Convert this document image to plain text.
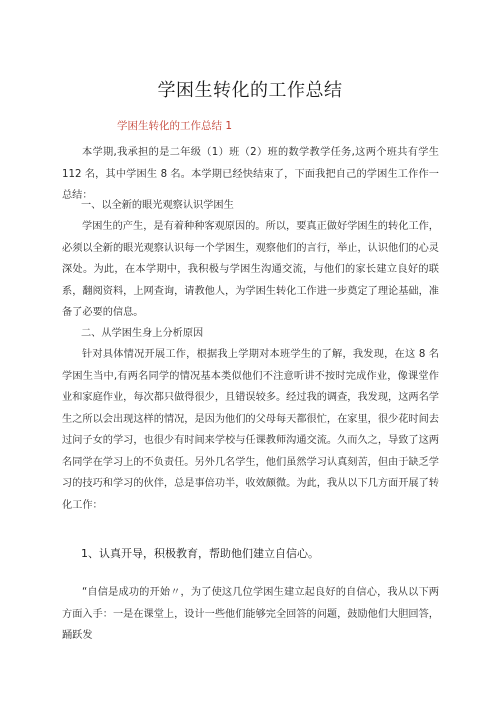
学困生转化的工作总结
学困生转化的工作总结 1
本学期,我承担的是二年级（1）班（2）班的数学教学任务,这两个班共有学生 112 名，其中学困生 8 名。本学期已经快结束了，下面我把自己的学困生工作作一总结：
一、以全新的眼光观察认识学困生
学困生的产生，是有着种种客观原因的。所以，要真正做好学困生的转化工作，必须以全新的眼光观察认识每一个学困生，观察他们的言行，举止，认识他们的心灵深处。为此，在本学期中，我积极与学困生沟通交流，与他们的家长建立良好的联系，翻阅资料，上网查询，请教他人，为学困生转化工作进一步奠定了理论基础，准备了必要的信息。
二、从学困生身上分析原因
针对具体情况开展工作，根据我上学期对本班学生的了解，我发现，在这 8 名学困生当中,有两名同学的情况基本类似他们不注意听讲不按时完成作业，像课堂作业和家庭作业，每次都只做得很少，且错误较多。经过我的调查，我发现，这两名学生之所以会出现这样的情况，是因为他们的父母每天都很忙，在家里，很少花时间去过问子女的学习，也很少有时间来学校与任课教师沟通交流。久而久之，导致了这两名同学在学习上的不负责任。另外几名学生，他们虽然学习认真刻苦，但由于缺乏学习的技巧和学习的伙伴，总是事倍功半，收效颇微。为此，我从以下几方面开展了转化工作：
1、认真开导，积极教育，帮助他们建立自信心。
“自信是成功的开始〃，为了使这几位学困生建立起良好的自信心，我从以下两方面入手：一是在课堂上，设计一些他们能够完全回答的问题，鼓励他们大胆回答，踊跃发
